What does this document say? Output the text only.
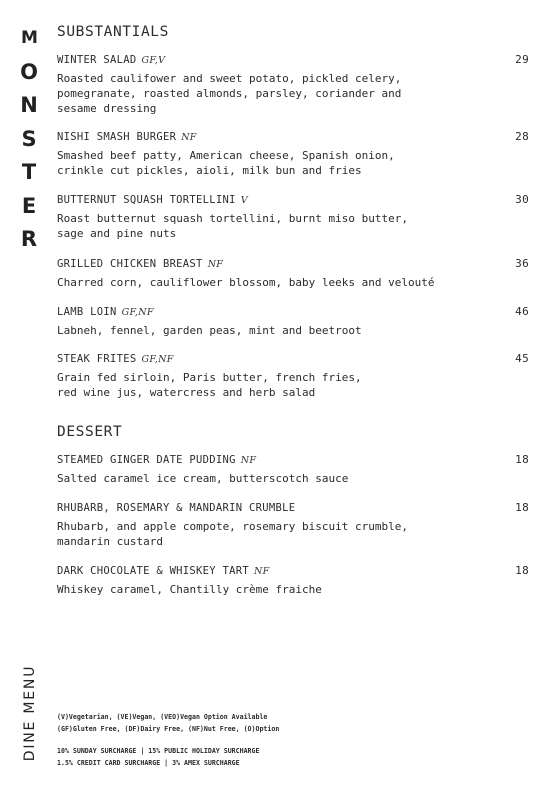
M
O
N
S
T
E
R
SUBSTANTIALS
WINTER SALAD GF,V	29
Roasted caulifower and sweet potato, pickled celery,
pomegranate, roasted almonds, parsley, coriander and
sesame dressing
NISHI SMASH BURGER NF	28
Smashed beef patty, American cheese, Spanish onion,
crinkle cut pickles, aioli, milk bun and fries
BUTTERNUT SQUASH TORTELLINI V	30
Roast butternut squash tortellini, burnt miso butter,
sage and pine nuts
GRILLED CHICKEN BREAST NF	36
Charred corn, cauliflower blossom, baby leeks and velouté
LAMB LOIN GF,NF	46
Labneh, fennel, garden peas, mint and beetroot
STEAK FRITES GF,NF	45
Grain fed sirloin, Paris butter, french fries,
red wine jus, watercress and herb salad
DESSERT
STEAMED GINGER DATE PUDDING NF	18
Salted caramel ice cream, butterscotch sauce
RHUBARB, ROSEMARY & MANDARIN CRUMBLE	18
Rhubarb, and apple compote, rosemary biscuit crumble,
mandarin custard
DARK CHOCOLATE & WHISKEY TART NF	18
Whiskey caramel, Chantilly crème fraiche
DINE MENU	(V)Vegetarian, (VE)Vegan, (VEO)Vegan Option Available
(GF)Gluten Free, (DF)Dairy Free, (NF)Nut Free, (O)Option
10% SUNDAY SURCHARGE | 15% PUBLIC HOLIDAY SURCHARGE
1.5% CREDIT CARD SURCHARGE | 3% AMEX SURCHARGE
